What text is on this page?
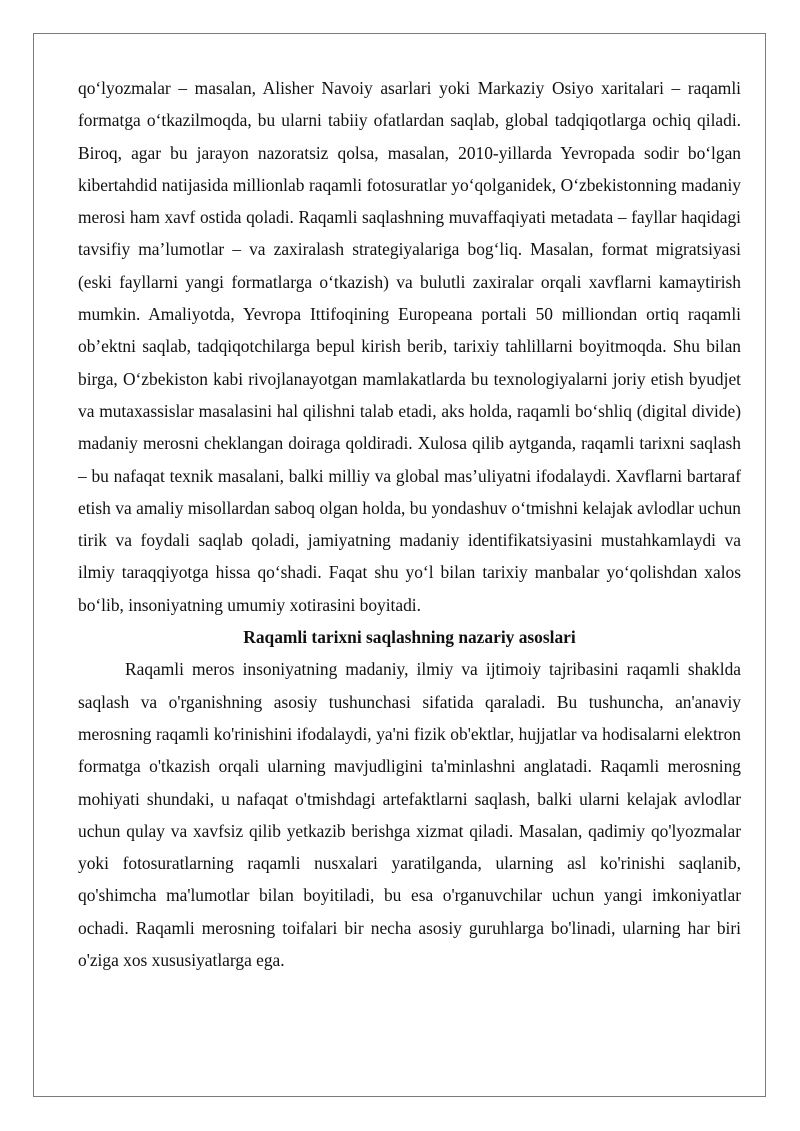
qo‘lyozmalar – masalan, Alisher Navoiy asarlari yoki Markaziy Osiyo xaritalari – raqamli formatga o‘tkazilmoqda, bu ularni tabiiy ofatlardan saqlab, global tadqiqotlarga ochiq qiladi. Biroq, agar bu jarayon nazoratsiz qolsa, masalan, 2010-yillarda Yevropada sodir bo‘lgan kibertahdid natijasida millionlab raqamli fotosuratlar yo‘qolganidek, O‘zbekistonning madaniy merosi ham xavf ostida qoladi. Raqamli saqlashning muvaffaqiyati metadata – fayllar haqidagi tavsifiy ma’lumotlar – va zaxiralash strategiyalariga bog‘liq. Masalan, format migratsiyasi (eski fayllarni yangi formatlarga o‘tkazish) va bulutli zaxiralar orqali xavflarni kamaytirish mumkin. Amaliyotda, Yevropa Ittifoqining Europeana portali 50 milliondan ortiq raqamli ob’ektni saqlab, tadqiqotchilarga bepul kirish berib, tarixiy tahlillarni boyitmoqda. Shu bilan birga, O‘zbekiston kabi rivojlanayotgan mamlakatlarda bu texnologiyalarni joriy etish byudjet va mutaxassislar masalasini hal qilishni talab etadi, aks holda, raqamli bo‘shliq (digital divide) madaniy merosni cheklangan doiraga qoldiradi. Xulosa qilib aytganda, raqamli tarixni saqlash – bu nafaqat texnik masalani, balki milliy va global mas’uliyatni ifodalaydi. Xavflarni bartaraf etish va amaliy misollardan saboq olgan holda, bu yondashuv o‘tmishni kelajak avlodlar uchun tirik va foydali saqlab qoladi, jamiyatning madaniy identifikatsiyasini mustahkamlaydi va ilmiy taraqqiyotga hissa qo‘shadi. Faqat shu yo‘l bilan tarixiy manbalar yo‘qolishdan xalos bo‘lib, insoniyatning umumiy xotirasini boyitadi.

Raqamli tarixni saqlashning nazariy asoslari

Raqamli meros insoniyatning madaniy, ilmiy va ijtimoiy tajribasini raqamli shaklda saqlash va o'rganishning asosiy tushunchasi sifatida qaraladi. Bu tushuncha, an'anaviy merosning raqamli ko'rinishini ifodalaydi, ya'ni fizik ob'ektlar, hujjatlar va hodisalarni elektron formatga o'tkazish orqali ularning mavjudligini ta'minlashni anglatadi. Raqamli merosning mohiyati shundaki, u nafaqat o'tmishdagi artefaktlarni saqlash, balki ularni kelajak avlodlar uchun qulay va xavfsiz qilib yetkazib berishga xizmat qiladi. Masalan, qadimiy qo'lyozmalar yoki fotosuratlarning raqamli nusxalari yaratilganda, ularning asl ko'rinishi saqlanib, qo'shimcha ma'lumotlar bilan boyitiladi, bu esa o'rganuvchilar uchun yangi imkoniyatlar ochadi. Raqamli merosning toifalari bir necha asosiy guruhlarga bo'linadi, ularning har biri o'ziga xos xususiyatlarga ega.
